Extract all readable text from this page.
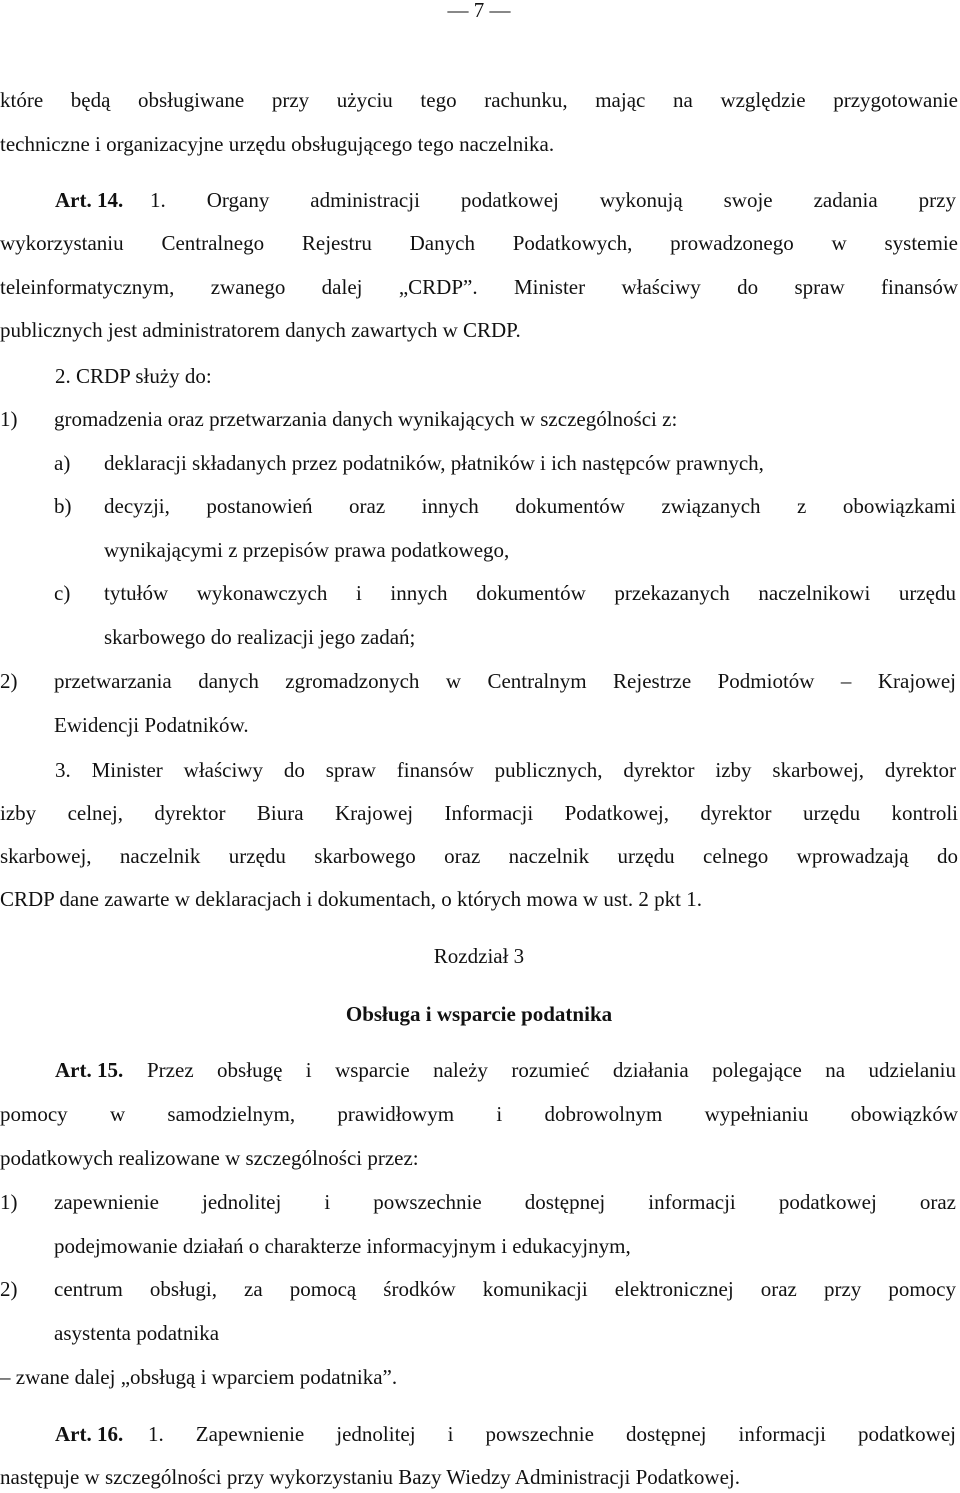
— 7 —
które będą obsługiwane przy użyciu tego rachunku, mając na względzie przygotowanie
techniczne i organizacyjne urzędu obsługującego tego naczelnika.
Art. 14. 1. Organy administracji podatkowej wykonują swoje zadania przy
wykorzystaniu Centralnego Rejestru Danych Podatkowych, prowadzonego w systemie
teleinformatycznym, zwanego dalej „CRDP”. Minister właściwy do spraw finansów
publicznych jest administratorem danych zawartych w CRDP.
2. CRDP służy do:
1) gromadzenia oraz przetwarzania danych wynikających w szczególności z:
a) deklaracji składanych przez podatników, płatników i ich następców prawnych,
b) decyzji, postanowień oraz innych dokumentów związanych z obowiązkami
wynikającymi z przepisów prawa podatkowego,
c) tytułów wykonawczych i innych dokumentów przekazanych naczelnikowi urzędu
skarbowego do realizacji jego zadań;
2) przetwarzania danych zgromadzonych w Centralnym Rejestrze Podmiotów – Krajowej
Ewidencji Podatników.
3. Minister właściwy do spraw finansów publicznych, dyrektor izby skarbowej, dyrektor
izby celnej, dyrektor Biura Krajowej Informacji Podatkowej, dyrektor urzędu kontroli
skarbowej, naczelnik urzędu skarbowego oraz naczelnik urzędu celnego wprowadzają do
CRDP dane zawarte w deklaracjach i dokumentach, o których mowa w ust. 2 pkt 1.
Rozdział 3
Obsługa i wsparcie podatnika
Art. 15. Przez obsługę i wsparcie należy rozumieć działania polegające na udzielaniu
pomocy w samodzielnym, prawidłowym i dobrowolnym wypełnianiu obowiązków
podatkowych realizowane w szczególności przez:
1) zapewnienie jednolitej i powszechnie dostępnej informacji podatkowej oraz
podejmowanie działań o charakterze informacyjnym i edukacyjnym,
2) centrum obsługi, za pomocą środków komunikacji elektronicznej oraz przy pomocy
asystenta podatnika
– zwane dalej „obsługą i wparciem podatnika”.
Art. 16. 1. Zapewnienie jednolitej i powszechnie dostępnej informacji podatkowej
następuje w szczególności przy wykorzystaniu Bazy Wiedzy Administracji Podatkowej.
